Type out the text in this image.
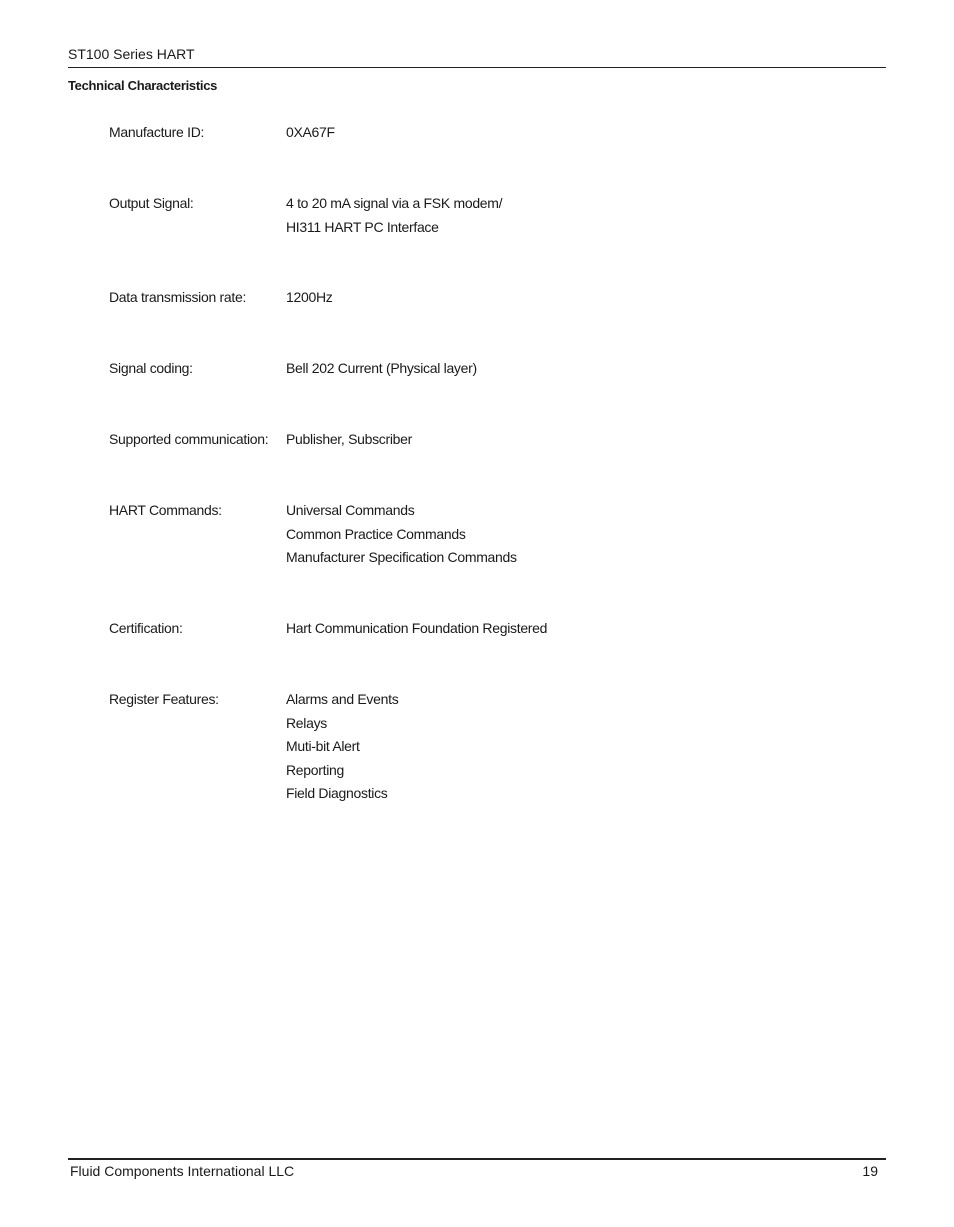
ST100 Series HART
Technical Characteristics
Manufacture ID:	0XA67F
Output Signal:	4 to 20 mA signal via a FSK modem/
HI311 HART PC Interface
Data transmission rate:	1200Hz
Signal coding:	Bell 202 Current (Physical layer)
Supported communication:	Publisher, Subscriber
HART Commands:	Universal Commands
Common Practice Commands
Manufacturer Specification Commands
Certification:	Hart Communication Foundation Registered
Register Features:	Alarms and Events
Relays
Muti-bit Alert
Reporting
Field Diagnostics
Fluid Components International LLC	19
